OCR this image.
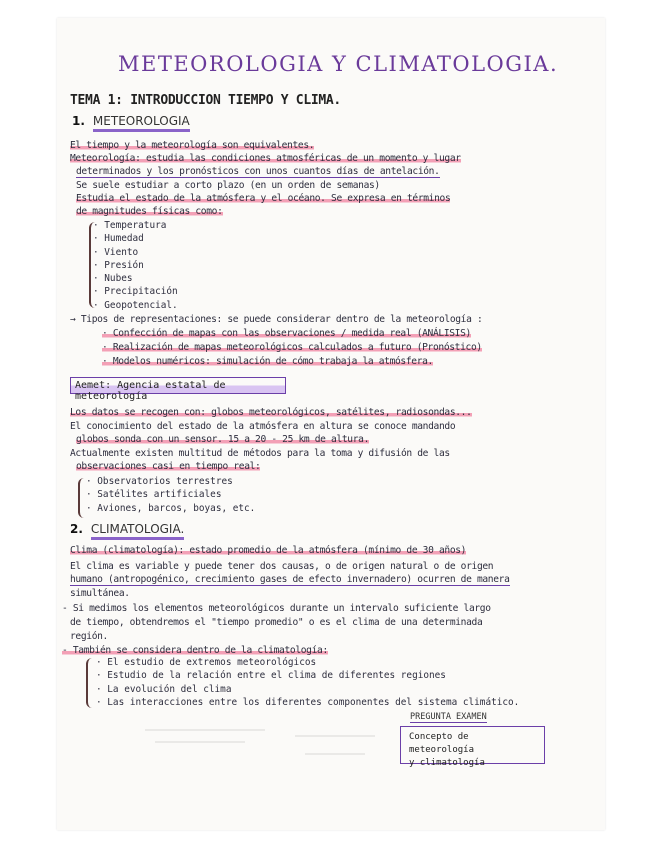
METEOROLOGIA Y CLIMATOLOGIA.
TEMA 1: INTRODUCCION TIEMPO Y CLIMA.
1. METEOROLOGIA
El tiempo y la meteorología son equivalentes.
Meteorología: estudia las condiciones atmosféricas de un momento y lugar
determinados y los pronósticos con unos cuantos días de antelación.
Se suele estudiar a corto plazo (en un orden de semanas)
Estudia el estado de la atmósfera y el océano. Se expresa en términos
de magnitudes físicas como:
· Temperatura
· Humedad
· Viento
· Presión
· Nubes
· Precipitación
· Geopotencial.
→ Tipos de representaciones: se puede considerar dentro de la meteorología :
· Confección de mapas con las observaciones / medida real (ANÁLISIS)
· Realización de mapas meteorológicos calculados a futuro (Pronóstico)
· Modelos numéricos: simulación de cómo trabaja la atmósfera.
Aemet: Agencia estatal de meteorología
Los datos se recogen con: globos meteorológicos, satélites, radiosondas...
El conocimiento del estado de la atmósfera en altura se conoce mandando
globos sonda con un sensor. 15 a 20 - 25 km de altura.
Actualmente existen multitud de métodos para la toma y difusión de las
observaciones casi en tiempo real:
· Observatorios terrestres
· Satélites artificiales
· Aviones, barcos, boyas, etc.
2. CLIMATOLOGIA.
Clima (climatología): estado promedio de la atmósfera (mínimo de 30 años)
El clima es variable y puede tener dos causas, o de origen natural o de origen
humano (antropogénico, crecimiento gases de efecto invernadero) ocurren de manera
simultánea.
- Si medimos los elementos meteorológicos durante un intervalo suficiente largo
de tiempo, obtendremos el "tiempo promedio" o es el clima de una determinada
región.
- También se considera dentro de la climatología:
· El estudio de extremos meteorológicos
· Estudio de la relación entre el clima de diferentes regiones
· La evolución del clima
· Las interacciones entre los diferentes componentes del sistema climático.
PREGUNTA EXAMEN
Concepto de meteorología
y climatología
